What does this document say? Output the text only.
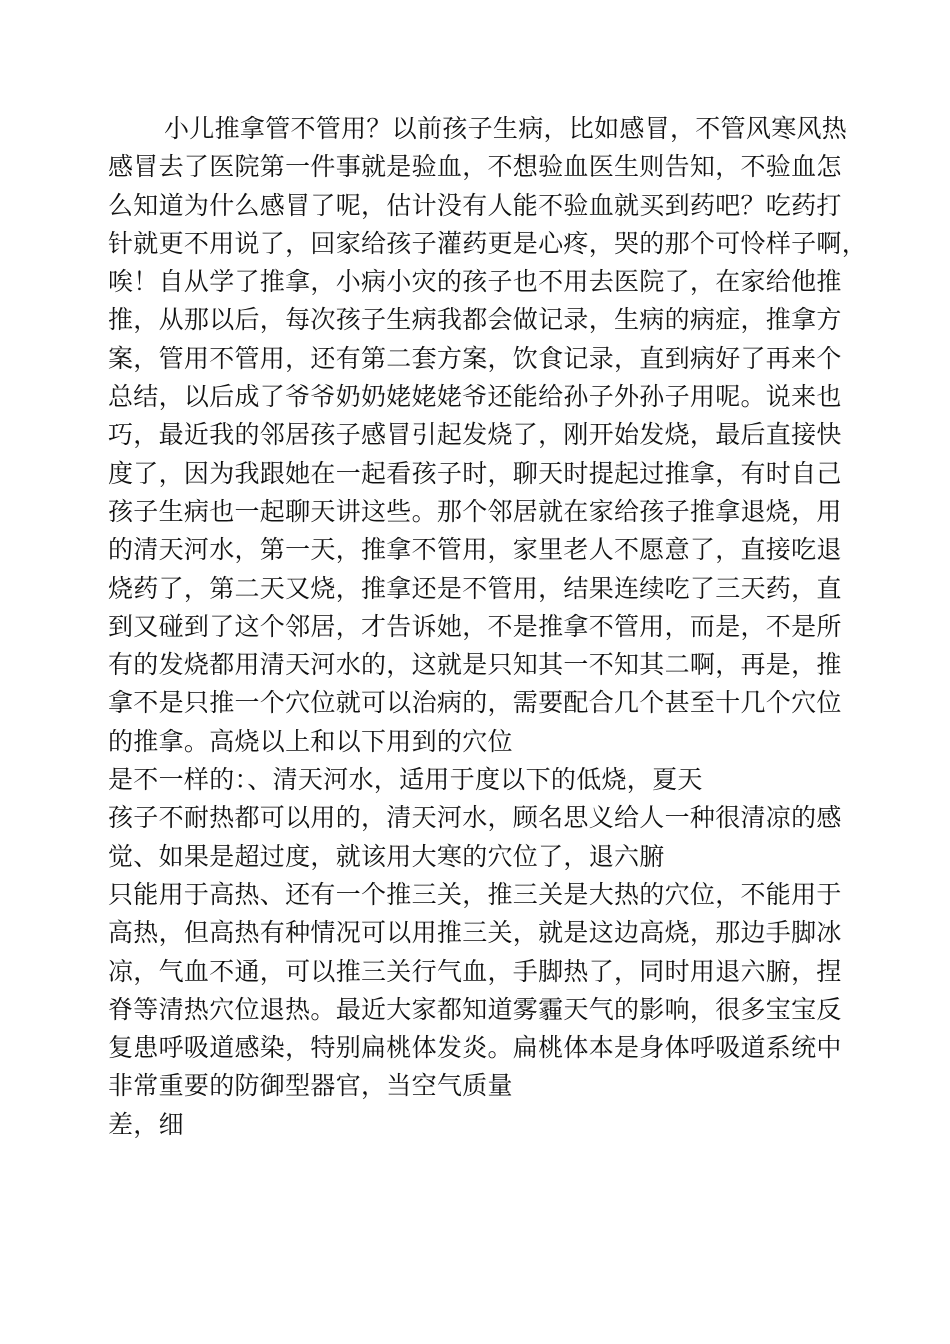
小儿推拿管不管用？以前孩子生病，比如感冒，不管风寒风热
感冒去了医院第一件事就是验血，不想验血医生则告知，不验血怎
么知道为什么感冒了呢，估计没有人能不验血就买到药吧？吃药打
针就更不用说了，回家给孩子灌药更是心疼，哭的那个可怜样子啊，
唉！自从学了推拿，小病小灾的孩子也不用去医院了，在家给他推
推，从那以后，每次孩子生病我都会做记录，生病的病症，推拿方
案，管用不管用，还有第二套方案，饮食记录，直到病好了再来个
总结，以后成了爷爷奶奶姥姥姥爷还能给孙子外孙子用呢。说来也
巧，最近我的邻居孩子感冒引起发烧了，刚开始发烧，最后直接快
度了，因为我跟她在一起看孩子时，聊天时提起过推拿，有时自己
孩子生病也一起聊天讲这些。那个邻居就在家给孩子推拿退烧，用
的清天河水，第一天，推拿不管用，家里老人不愿意了，直接吃退
烧药了，第二天又烧，推拿还是不管用，结果连续吃了三天药，直
到又碰到了这个邻居，才告诉她，不是推拿不管用，而是，不是所
有的发烧都用清天河水的，这就是只知其一不知其二啊，再是，推
拿不是只推一个穴位就可以治病的，需要配合几个甚至十几个穴位
的推拿。高烧以上和以下用到的穴位
是不一样的：、清天河水，适用于度以下的低烧，夏天
孩子不耐热都可以用的，清天河水，顾名思义给人一种很清凉的感
觉、如果是超过度，就该用大寒的穴位了，退六腑
只能用于高热、还有一个推三关，推三关是大热的穴位，不能用于
高热，但高热有种情况可以用推三关，就是这边高烧，那边手脚冰
凉，气血不通，可以推三关行气血，手脚热了，同时用退六腑，捏
脊等清热穴位退热。最近大家都知道雾霾天气的影响，很多宝宝反
复患呼吸道感染，特别扁桃体发炎。扁桃体本是身体呼吸道系统中
非常重要的防御型器官，当空气质量
差，细
